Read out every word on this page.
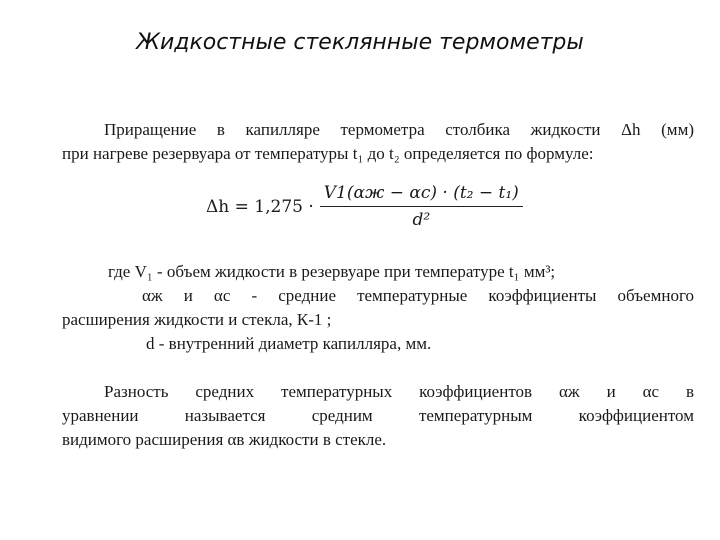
Жидкостные стеклянные термометры
Приращение в капилляре термометра столбика жидкости Δh (мм)
при нагреве резервуара от температуры t₁ до t₂ определяется по формуле:
$\Delta h = 1,275 \cdot \frac{\text{V1(αж − αс) · (t₂ − t₁)}}{\text{d²}}$
где V₁ - объем жидкости в резервуаре при температуре t₁ мм³;
αж и αс - средние температурные коэффициенты объемного
расширения жидкости и стекла, К-1 ;
d - внутренний диаметр капилляра, мм.
Разность средних температурных коэффициентов αж и αс в
уравнении называется средним температурным коэффициентом
видимого расширения αв жидкости в стекле.
